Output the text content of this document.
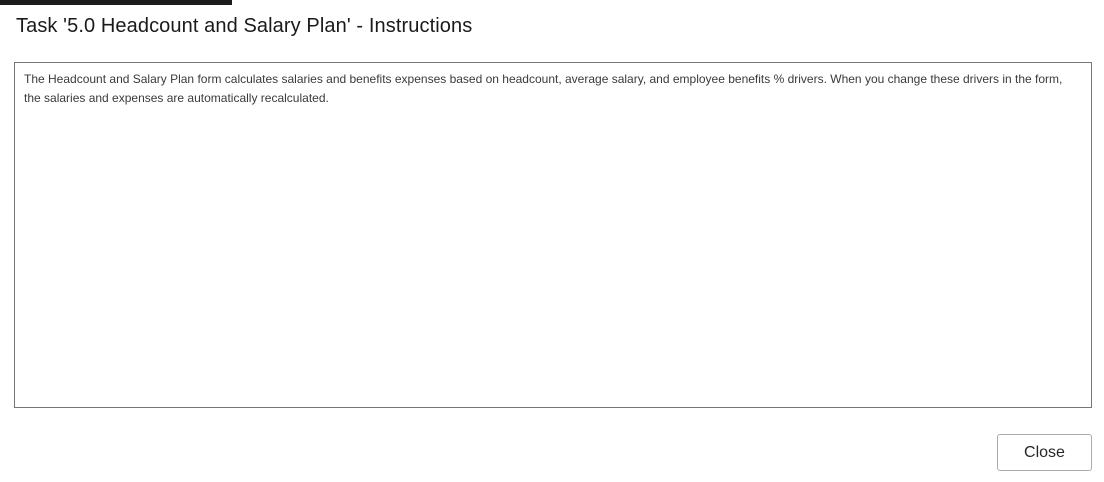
Task '5.0 Headcount and Salary Plan' - Instructions
The Headcount and Salary Plan form calculates salaries and benefits expenses based on headcount, average salary, and employee benefits % drivers. When you change these drivers in the form, the salaries and expenses are automatically recalculated.
Close
